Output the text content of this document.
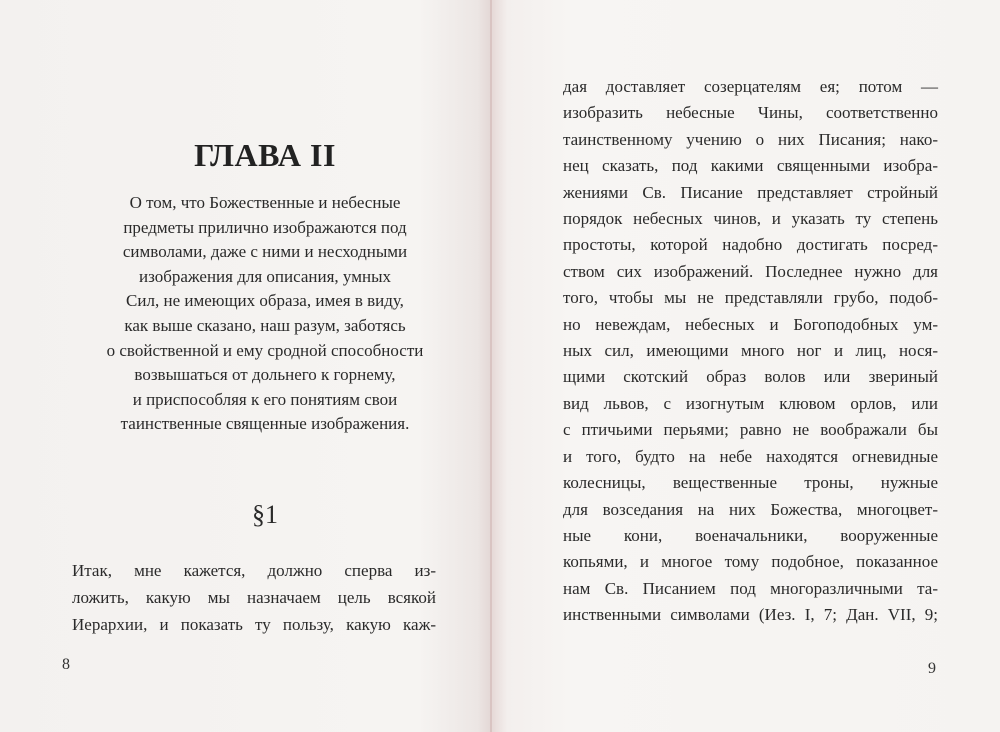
ГЛАВА II
О том, что Божественные и небесные
предметы прилично изображаются под
символами, даже с ними и несходными
изображения для описания, умных
Сил, не имеющих образа, имея в виду,
как выше сказано, наш разум, заботясь
о свойственной и ему сродной способности
возвышаться от дольнего к горнему,
и приспособляя к его понятиям свои
таинственные священные изображения.
§1
Итак, мне кажется, должно сперва из-
ложить, какую мы назначаем цель всякой
Иерархии, и показать ту пользу, какую каж-
8	9
дая доставляет созерцателям ея; потом —
изобразить небесные Чины, соответственно
таинственному учению о них Писания; нако-
нец сказать, под какими священными изобра-
жениями Св. Писание представляет стройный
порядок небесных чинов, и указать ту степень
простоты, которой надобно достигать посред-
ством сих изображений. Последнее нужно для
того, чтобы мы не представляли грубо, подоб-
но невеждам, небесных и Богоподобных ум-
ных сил, имеющими много ног и лиц, нося-
щими скотский образ волов или звериный
вид львов, с изогнутым клювом орлов, или
с птичьими перьями; равно не воображали бы
и того, будто на небе находятся огневидные
колесницы, вещественные троны, нужные
для возседания на них Божества, многоцвет-
ные кони, военачальники, вооруженные
копьями, и многое тому подобное, показанное
нам Св. Писанием под многоразличными та-
инственными символами (Иез. I, 7; Дан. VII, 9;
